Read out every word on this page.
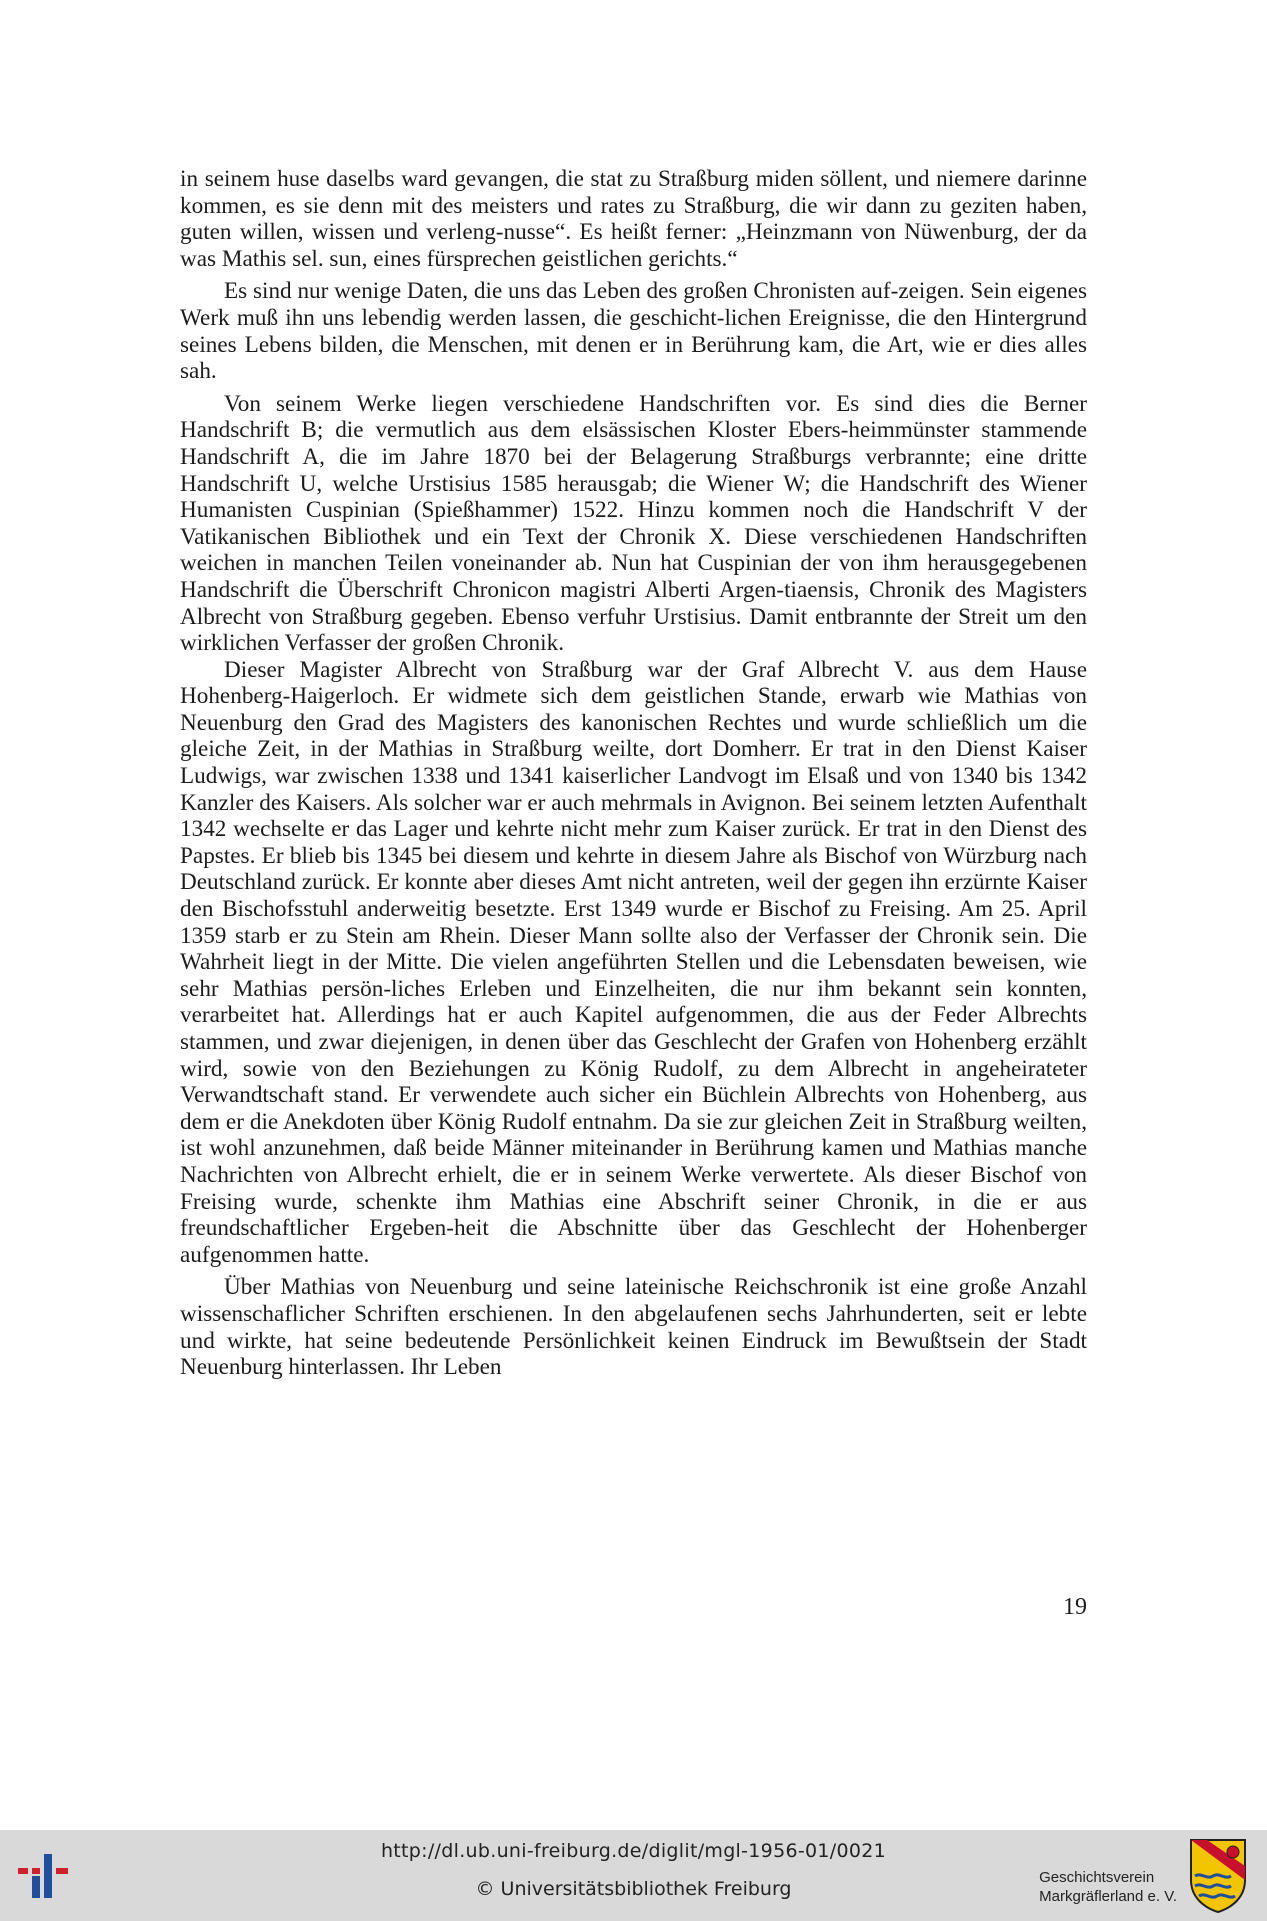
in seinem huse daselbs ward gevangen, die stat zu Straßburg miden söllent, und niemere darinne kommen, es sie denn mit des meisters und rates zu Straßburg, die wir dann zu geziten haben, guten willen, wissen und verleng-nusse“. Es heißt ferner: „Heinzmann von Nüwenburg, der da was Mathis sel. sun, eines fürsprechen geistlichen gerichts.“

Es sind nur wenige Daten, die uns das Leben des großen Chronisten auf-zeigen. Sein eigenes Werk muß ihn uns lebendig werden lassen, die geschicht-lichen Ereignisse, die den Hintergrund seines Lebens bilden, die Menschen, mit denen er in Berührung kam, die Art, wie er dies alles sah.

Von seinem Werke liegen verschiedene Handschriften vor. Es sind dies die Berner Handschrift B; die vermutlich aus dem elsässischen Kloster Ebers-heimmünster stammende Handschrift A, die im Jahre 1870 bei der Belagerung Straßburgs verbrannte; eine dritte Handschrift U, welche Urstisius 1585 herausgab; die Wiener W; die Handschrift des Wiener Humanisten Cuspinian (Spießhammer) 1522. Hinzu kommen noch die Handschrift V der Vatikanischen Bibliothek und ein Text der Chronik X. Diese verschiedenen Handschriften weichen in manchen Teilen voneinander ab. Nun hat Cuspinian der von ihm herausgegebenen Handschrift die Überschrift Chronicon magistri Alberti Argen-tiaensis, Chronik des Magisters Albrecht von Straßburg gegeben. Ebenso verfuhr Urstisius. Damit entbrannte der Streit um den wirklichen Verfasser der großen Chronik.

Dieser Magister Albrecht von Straßburg war der Graf Albrecht V. aus dem Hause Hohenberg-Haigerloch. Er widmete sich dem geistlichen Stande, erwarb wie Mathias von Neuenburg den Grad des Magisters des kanonischen Rechtes und wurde schließlich um die gleiche Zeit, in der Mathias in Straßburg weilte, dort Domherr. Er trat in den Dienst Kaiser Ludwigs, war zwischen 1338 und 1341 kaiserlicher Landvogt im Elsaß und von 1340 bis 1342 Kanzler des Kaisers. Als solcher war er auch mehrmals in Avignon. Bei seinem letzten Aufenthalt 1342 wechselte er das Lager und kehrte nicht mehr zum Kaiser zurück. Er trat in den Dienst des Papstes. Er blieb bis 1345 bei diesem und kehrte in diesem Jahre als Bischof von Würzburg nach Deutschland zurück. Er konnte aber dieses Amt nicht antreten, weil der gegen ihn erzürnte Kaiser den Bischofsstuhl anderweitig besetzte. Erst 1349 wurde er Bischof zu Freising. Am 25. April 1359 starb er zu Stein am Rhein. Dieser Mann sollte also der Verfasser der Chronik sein. Die Wahrheit liegt in der Mitte. Die vielen angeführten Stellen und die Lebensdaten beweisen, wie sehr Mathias persön-liches Erleben und Einzelheiten, die nur ihm bekannt sein konnten, verarbeitet hat. Allerdings hat er auch Kapitel aufgenommen, die aus der Feder Albrechts stammen, und zwar diejenigen, in denen über das Geschlecht der Grafen von Hohenberg erzählt wird, sowie von den Beziehungen zu König Rudolf, zu dem Albrecht in angeheirateter Verwandtschaft stand. Er verwendete auch sicher ein Büchlein Albrechts von Hohenberg, aus dem er die Anekdoten über König Rudolf entnahm. Da sie zur gleichen Zeit in Straßburg weilten, ist wohl anzunehmen, daß beide Männer miteinander in Berührung kamen und Mathias manche Nachrichten von Albrecht erhielt, die er in seinem Werke verwertete. Als dieser Bischof von Freising wurde, schenkte ihm Mathias eine Abschrift seiner Chronik, in die er aus freundschaftlicher Ergeben-heit die Abschnitte über das Geschlecht der Hohenberger aufgenommen hatte.

Über Mathias von Neuenburg und seine lateinische Reichschronik ist eine große Anzahl wissenschaflicher Schriften erschienen. In den abgelaufenen sechs Jahrhunderten, seit er lebte und wirkte, hat seine bedeutende Persönlichkeit keinen Eindruck im Bewußtsein der Stadt Neuenburg hinterlassen. Ihr Leben

19
http://dl.ub.uni-freiburg.de/diglit/mgl-1956-01/0021
© Universitätsbibliothek Freiburg
Geschichtsverein
Markgräflerland e. V.
